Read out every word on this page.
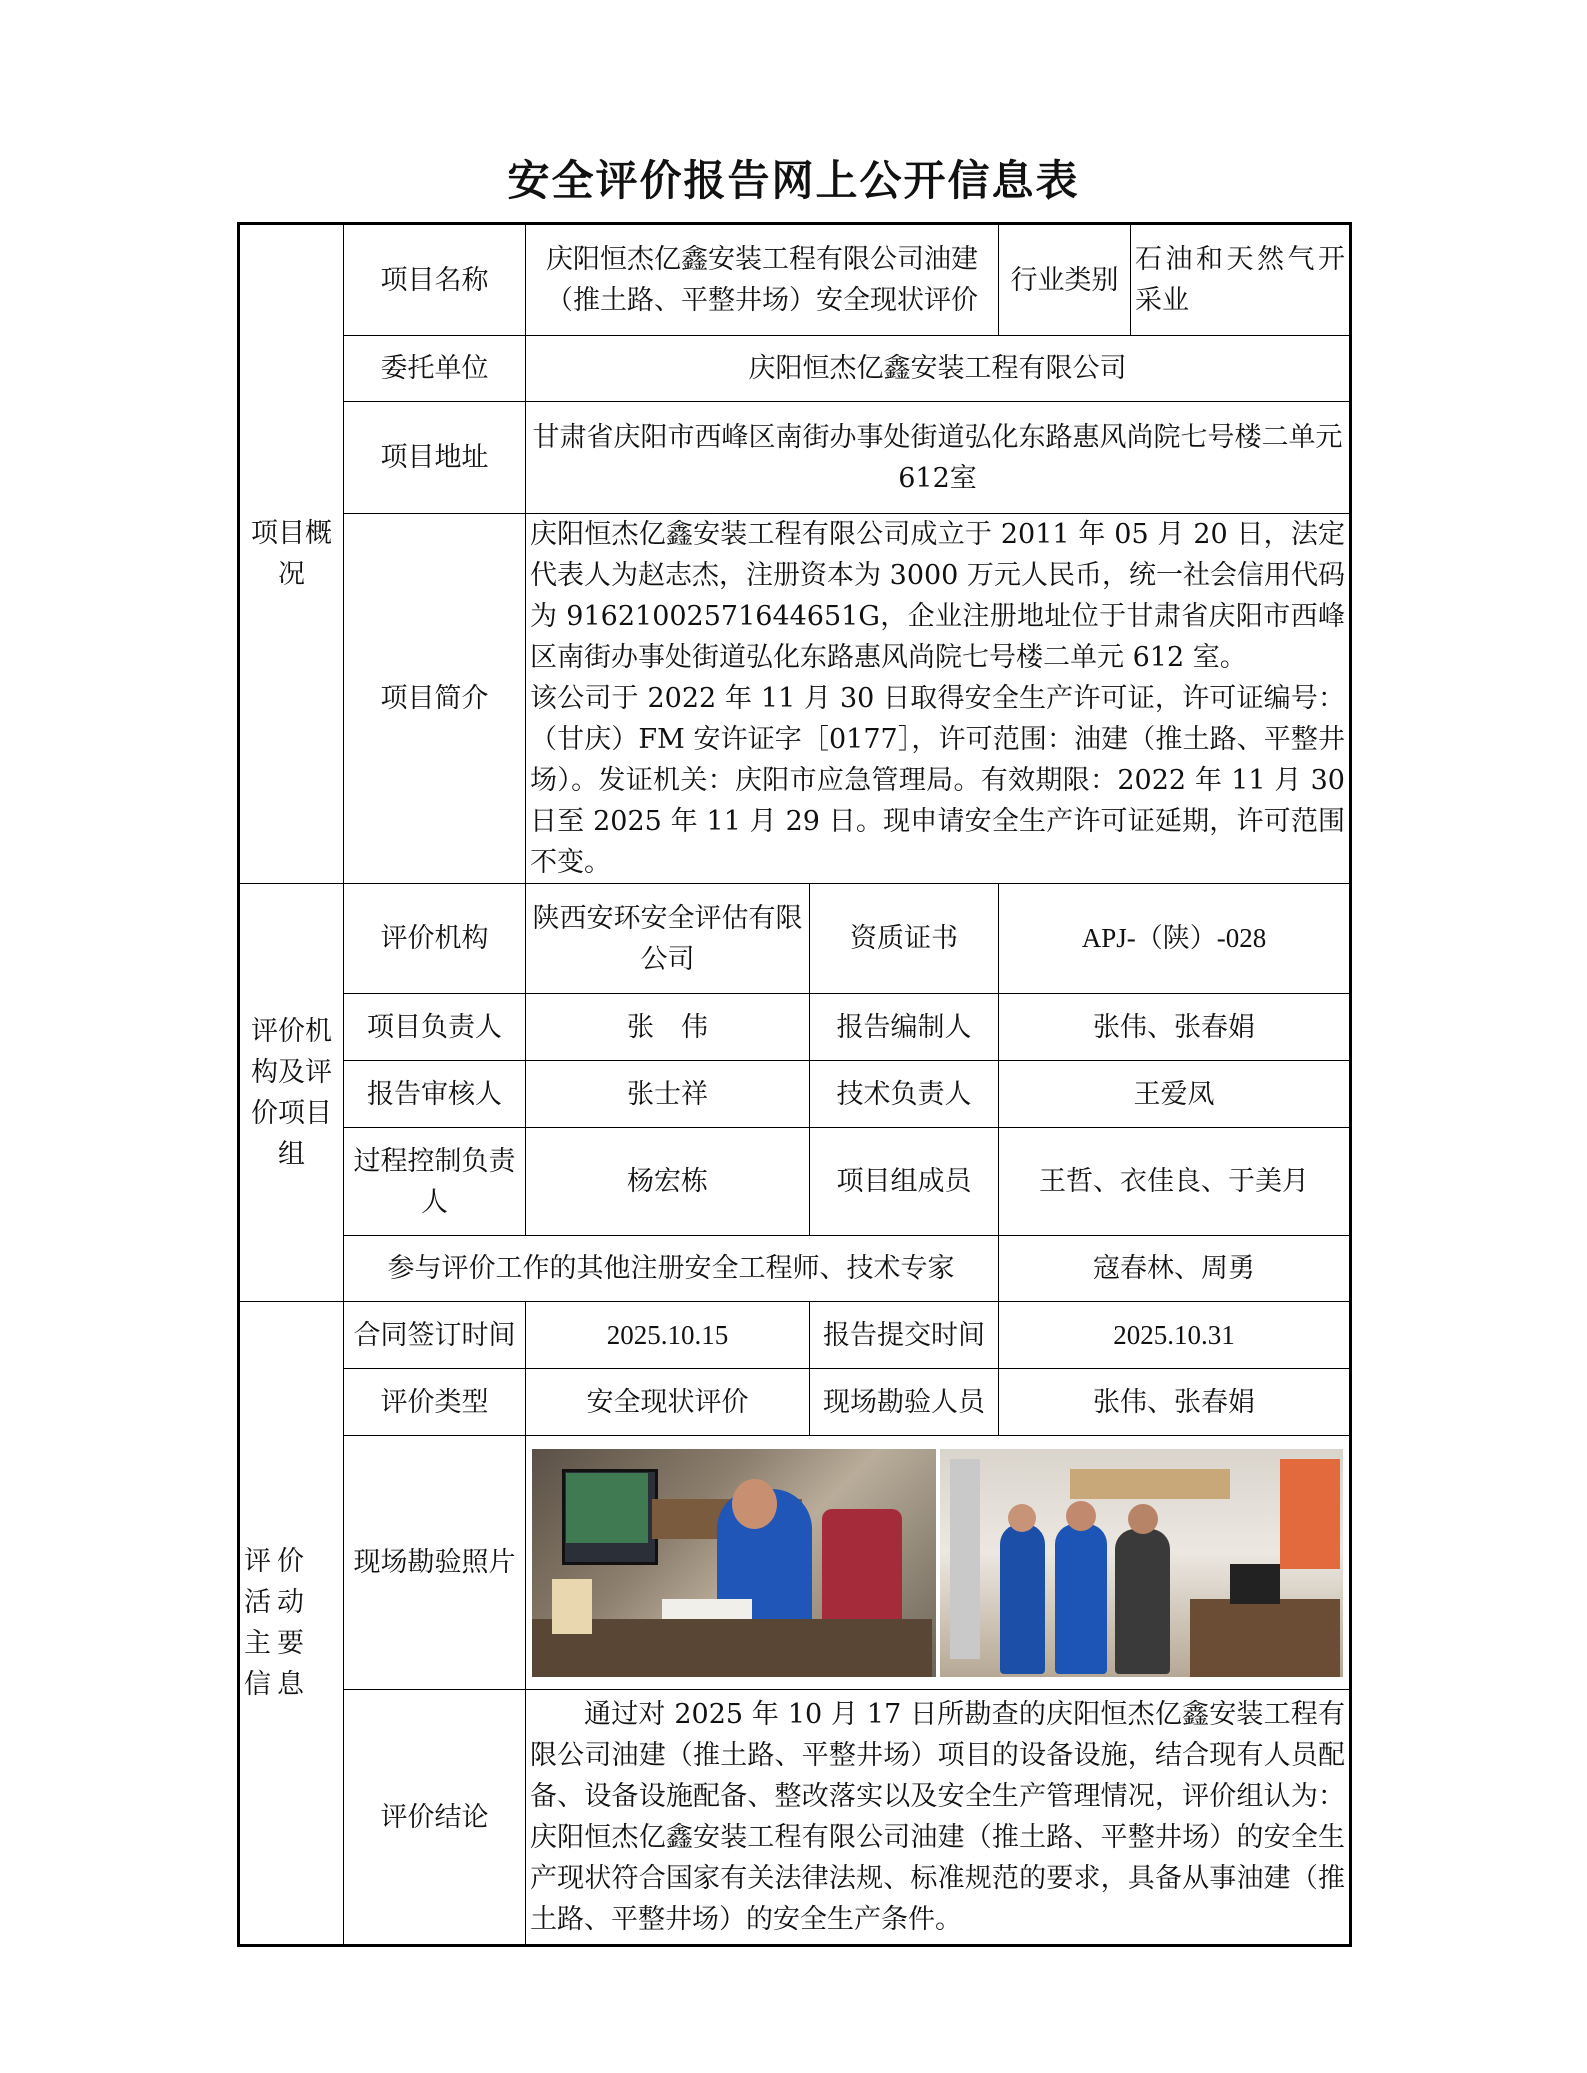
安全评价报告网上公开信息表
项目概况	项目名称	庆阳恒杰亿鑫安装工程有限公司油建（推土路、平整井场）安全现状评价		行业类别	石油和天然气开采业
	委托单位	庆阳恒杰亿鑫安装工程有限公司			
	项目地址	甘肃省庆阳市西峰区南街办事处街道弘化东路惠风尚院七号楼二单元612室			
	项目简介	庆阳恒杰亿鑫安装工程有限公司成立于 2011 年 05 月 20 日，法定代表人为赵志杰，注册资本为 3000 万元人民币，统一社会信用代码为 91621002571644651G，企业注册地址位于甘肃省庆阳市西峰区南街办事处街道弘化东路惠风尚院七号楼二单元 612 室。
该公司于 2022 年 11 月 30 日取得安全生产许可证，许可证编号：（甘庆）FM 安许证字［0177］，许可范围：油建（推土路、平整井场）。发证机关：庆阳市应急管理局。有效期限：2022 年 11 月 30 日至 2025 年 11 月 29 日。现申请安全生产许可证延期，许可范围不变。			

评价机构及评价项目组	评价机构	陕西安环安全评估有限公司	资质证书	APJ-（陕）-028	
	项目负责人	张　伟	报告编制人	张伟、张春娟	
	报告审核人	张士祥	技术负责人	王爱凤	
	过程控制负责人	杨宏栋	项目组成员	王哲、衣佳良、于美月	
	参与评价工作的其他注册安全工程师、技术专家			寇春林、周勇	
评价活动主要信息	合同签订时间	2025.10.15	报告提交时间	2025.10.31	
	评价类型	安全现状评价	现场勘验人员	张伟、张春娟	
	现场勘验照片				

	评价结论	通过对 2025 年 10 月 17 日所勘查的庆阳恒杰亿鑫安装工程有限公司油建（推土路、平整井场）项目的设备设施，结合现有人员配备、设备设施配备、整改落实以及安全生产管理情况，评价组认为：庆阳恒杰亿鑫安装工程有限公司油建（推土路、平整井场）的安全生产现状符合国家有关法律法规、标准规范的要求，具备从事油建（推土路、平整井场）的安全生产条件。			
